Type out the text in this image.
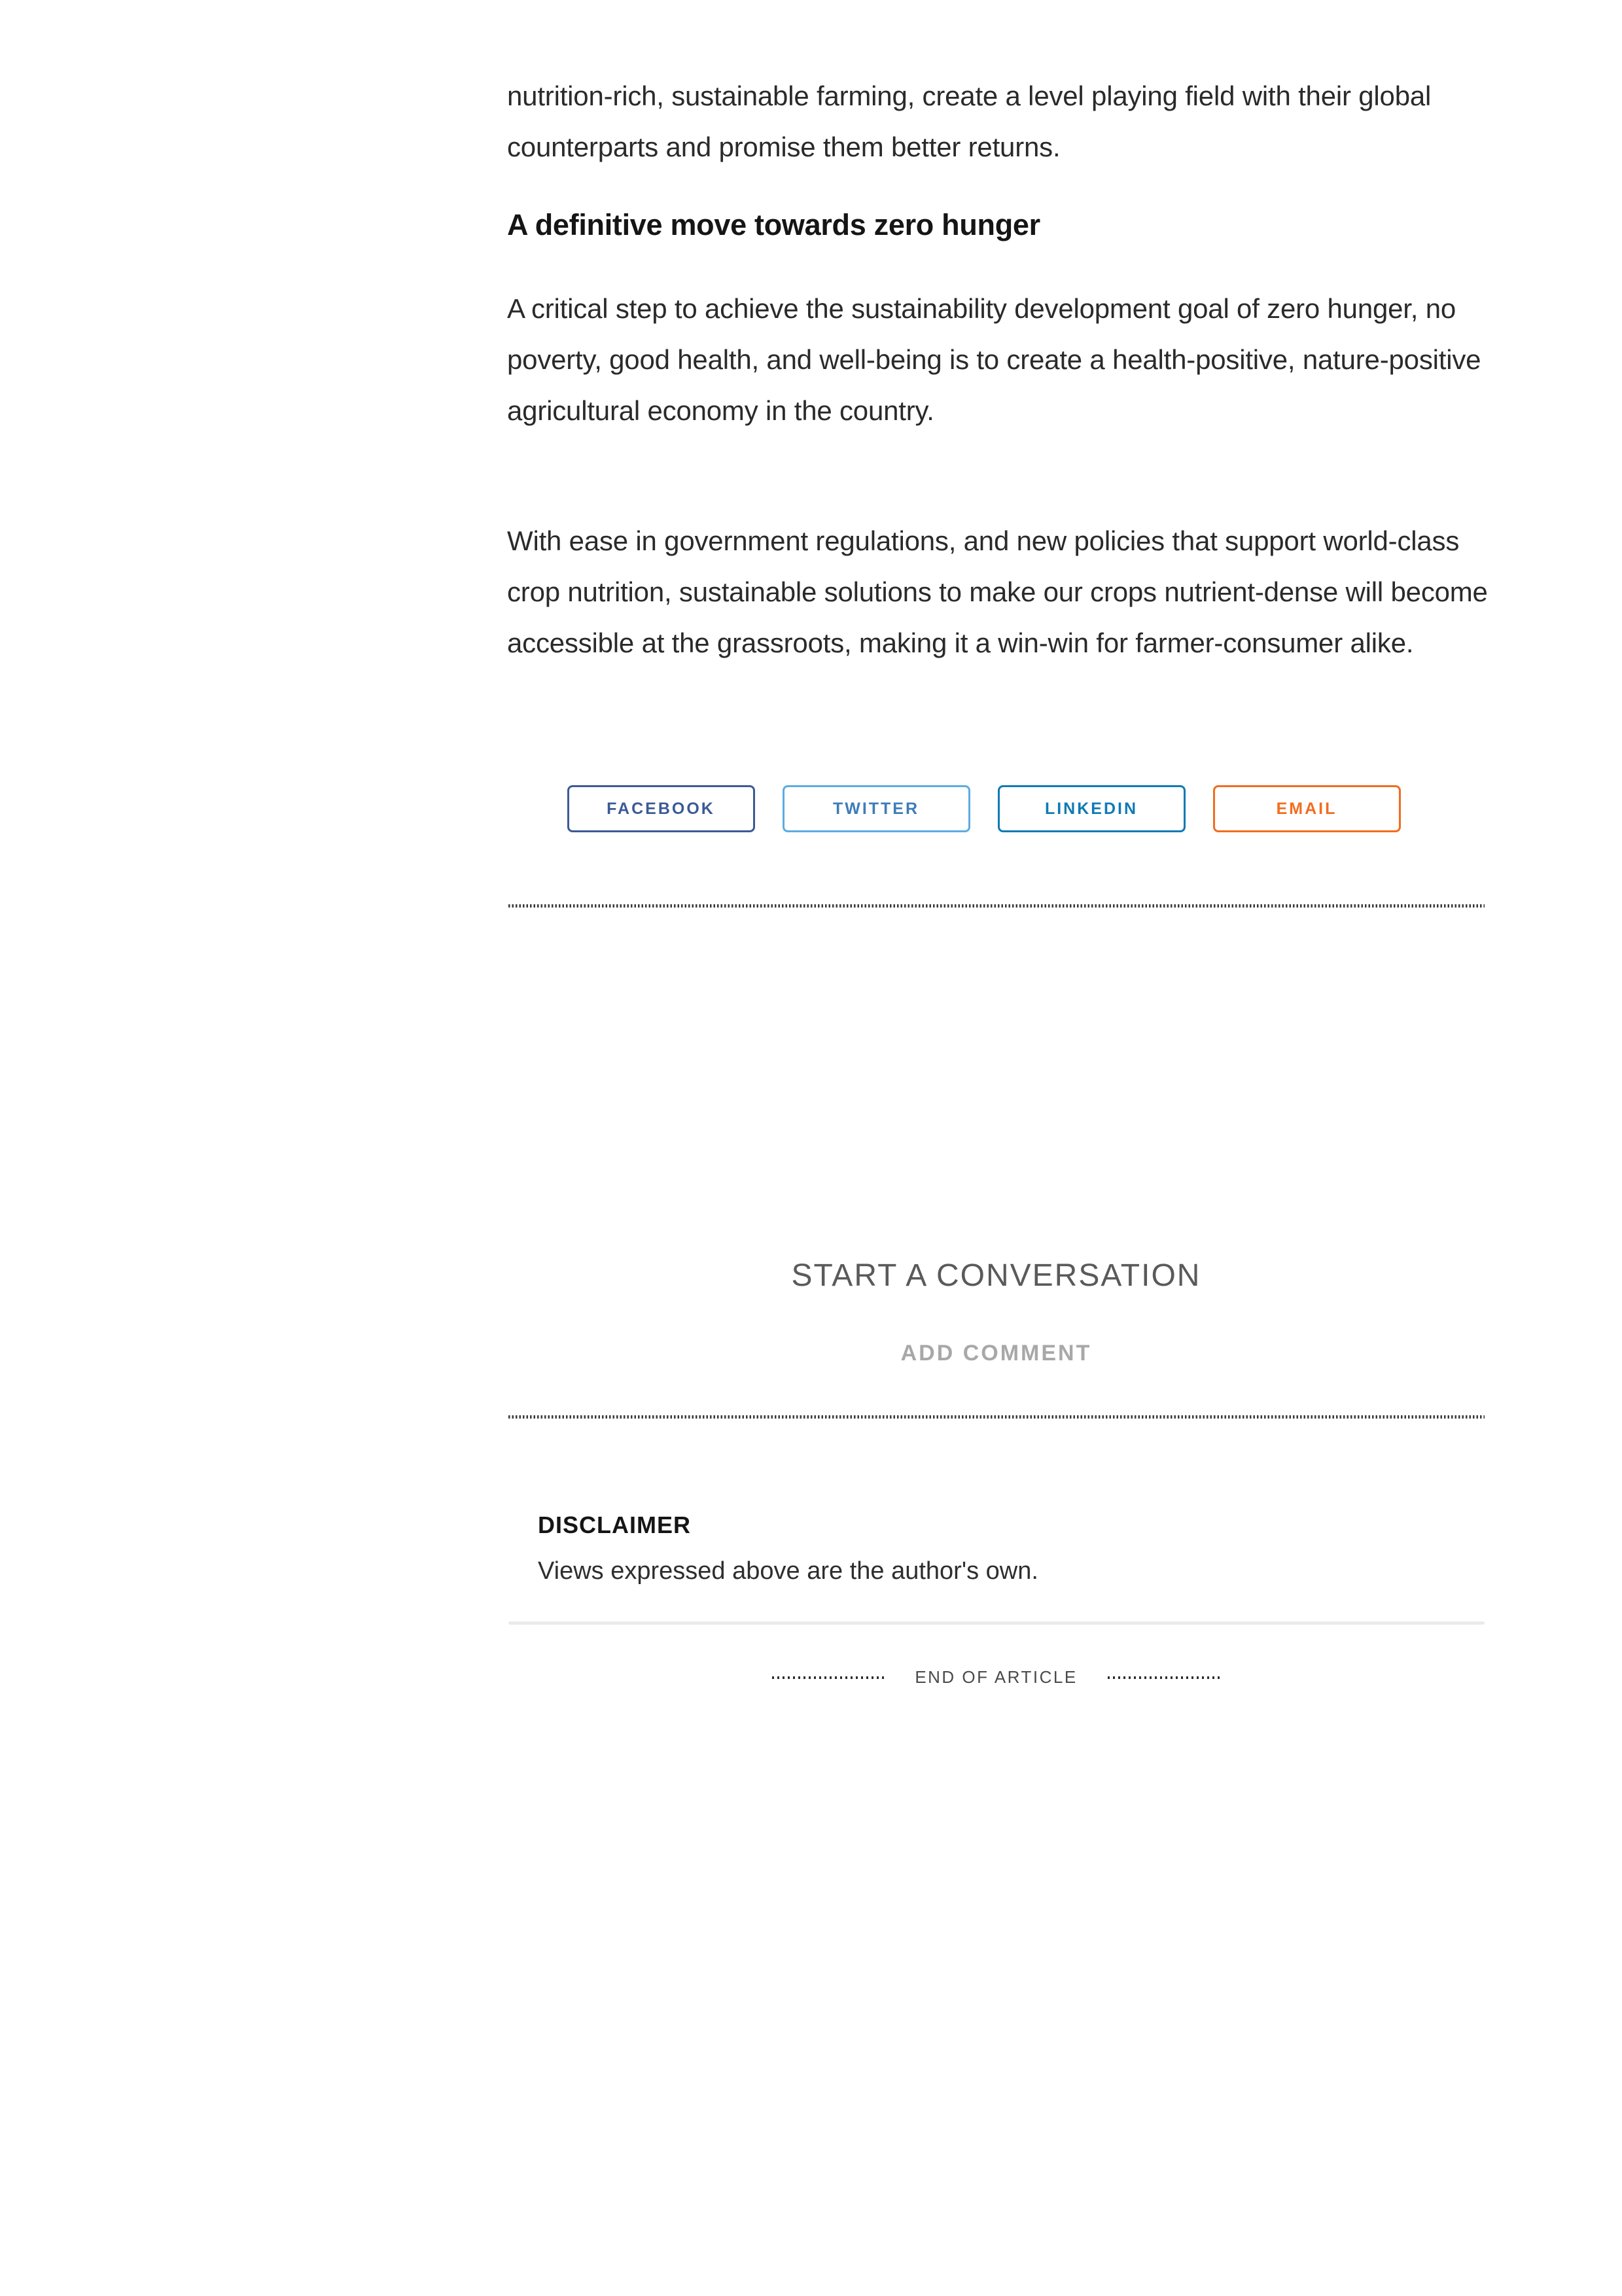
nutrition-rich, sustainable farming, create a level playing field with their global counterparts and promise them better returns.

A definitive move towards zero hunger

A critical step to achieve the sustainability development goal of zero hunger, no poverty, good health, and well-being is to create a health-positive, nature-positive agricultural economy in the country.

With ease in government regulations, and new policies that support world-class crop nutrition, sustainable solutions to make our crops nutrient-dense will become accessible at the grassroots, making it a win-win for farmer-consumer alike.

FACEBOOK	TWITTER	LINKEDIN	EMAIL
START A CONVERSATION
ADD COMMENT
DISCLAIMER
Views expressed above are the author's own.
END OF ARTICLE
